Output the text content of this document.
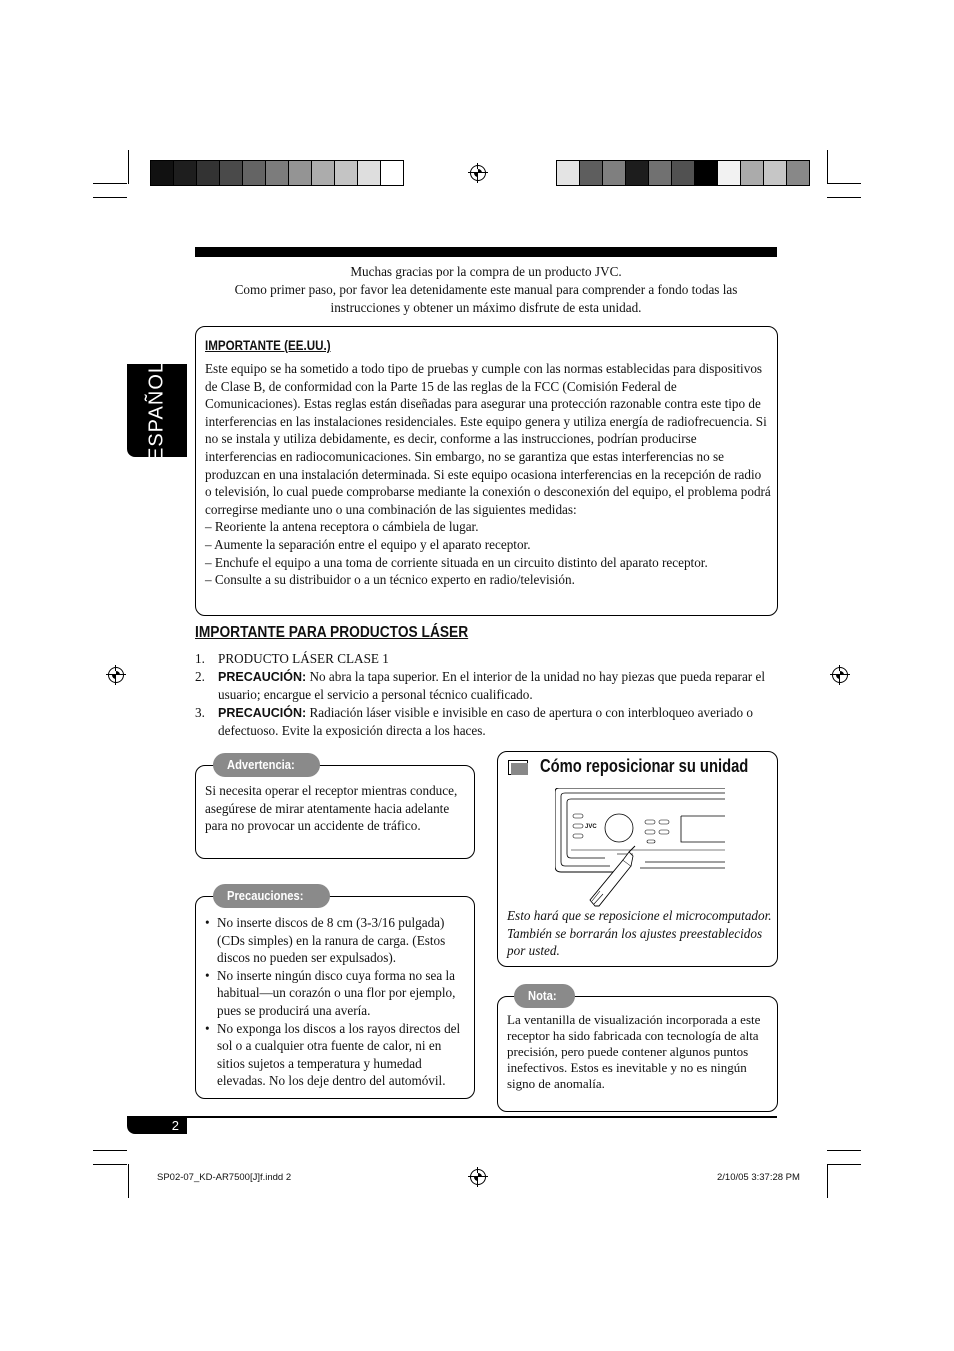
Muchas gracias por la compra de un producto JVC.

Como primer paso, por favor lea detenidamente este manual para comprender a fondo todas las

instrucciones y obtener un máximo disfrute de esta unidad.

ESPAÑOL
IMPORTANTE (EE.UU.)

Este equipo se ha sometido a todo tipo de pruebas y cumple con las normas establecidas para dispositivos de Clase B, de conformidad con la Parte 15 de las reglas de la FCC (Comisión Federal de Comunicaciones). Estas reglas están diseñadas para asegurar una protección razonable contra este tipo de interferencias en las instalaciones residenciales. Este equipo genera y utiliza energía de radiofrecuencia. Si no se instala y utiliza debidamente, es decir, conforme a las instrucciones, podrían producirse interferencias en radiocomunicaciones. Sin embargo, no se garantiza que estas interferencias no se produzcan en una instalación determinada. Si este equipo ocasiona interferencias en la recepción de radio o televisión, lo cual puede comprobarse mediante la conexión o desconexión del equipo, el problema podrá corregirse mediante uno o una combinación de las siguientes medidas:

– Reoriente la antena receptora o cámbiela de lugar.

– Aumente la separación entre el equipo y el aparato receptor.

– Enchufe el equipo a una toma de corriente situada en un circuito distinto del aparato receptor.

– Consulte a su distribuidor o a un técnico experto en radio/televisión.

IMPORTANTE PARA PRODUCTOS LÁSER
1. PRODUCTO LÁSER CLASE 1
2. PRECAUCIÓN: No abra la tapa superior. En el interior de la unidad no hay piezas que pueda reparar el usuario; encargue el servicio a personal técnico cualificado.
3. PRECAUCIÓN: Radiación láser visible e invisible en caso de apertura o con interbloqueo averiado o defectuoso. Evite la exposición directa a los haces.

Si necesita operar el receptor mientras conduce, asegúrese de mirar atentamente hacia adelante para no provocar un accidente de tráfico.

Advertencia:
• No inserte discos de 8 cm (3-3/16 pulgada) (CDs simples) en la ranura de carga. (Estos discos no pueden ser expulsados).
• No inserte ningún disco cuya forma no sea la habitual—un corazón o una flor por ejemplo, pues se producirá una avería.
• No exponga los discos a los rayos directos del sol o a cualquier otra fuente de calor, ni en sitios sujetos a temperatura y humedad elevadas. No los deje dentro del automóvil.
Precauciones:
Cómo reposicionar su unidad
JVC

Esto hará que se reposicione el microcomputador. También se borrarán los ajustes preestablecidos por usted.

La ventanilla de visualización incorporada a este receptor ha sido fabricada con tecnología de alta precisión, pero puede contener algunos puntos inefectivos. Estos es inevitable y no es ningún signo de anomalía.

Nota:
2
SP02-07_KD-AR7500[J]f.indd 2	2/10/05 3:37:28 PM
